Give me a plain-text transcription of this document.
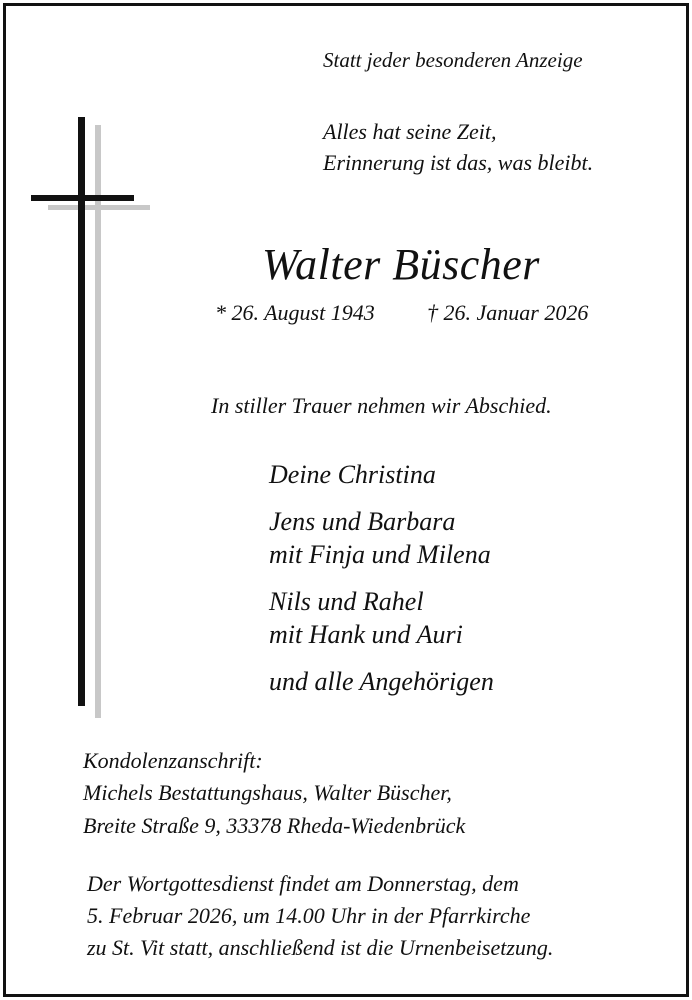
Statt jeder besonderen Anzeige
Alles hat seine Zeit,
Erinnerung ist das, was bleibt.
Walter Büscher
* 26. August 1943 † 26. Januar 2026
In stiller Trauer nehmen wir Abschied.
Deine Christina
Jens und Barbara
mit Finja und Milena
Nils und Rahel
mit Hank und Auri
und alle Angehörigen
Kondolenzanschrift:
Michels Bestattungshaus, Walter Büscher,
Breite Straße 9, 33378 Rheda-Wiedenbrück
Der Wortgottesdienst findet am Donnerstag, dem
5. Februar 2026, um 14.00 Uhr in der Pfarrkirche
zu St. Vit statt, anschließend ist die Urnenbeisetzung.
